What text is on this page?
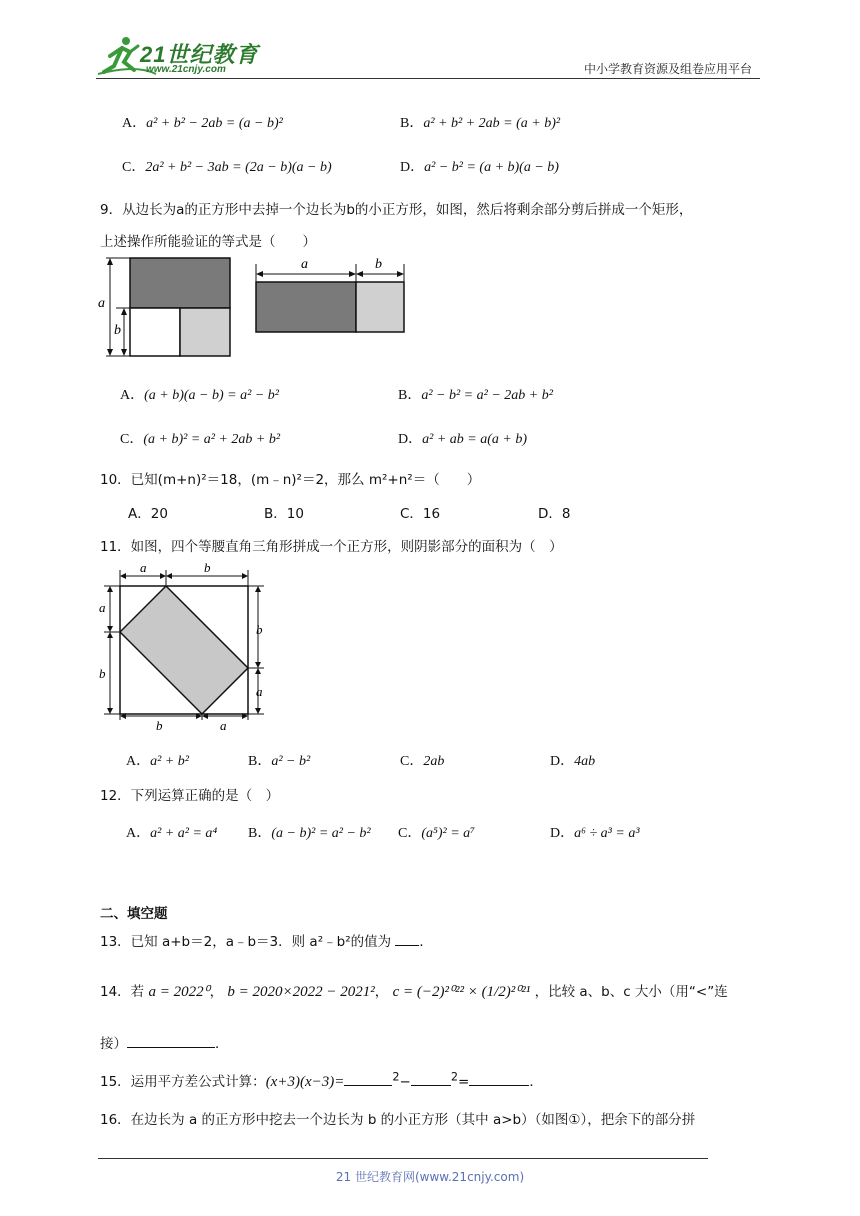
21世纪教育
www.21cnjy.com	中小学教育资源及组卷应用平台
A．a² + b² − 2ab = (a − b)²	B．a² + b² + 2ab = (a + b)²
C．2a² + b² − 3ab = (2a − b)(a − b)	D．a² − b² = (a + b)(a − b)
9．从边长为a的正方形中去掉一个边长为b的小正方形，如图，然后将剩余部分剪后拼成一个矩形，
上述操作所能验证的等式是（　　）
a
b
a	b
A．(a + b)(a − b) = a² − b²	B．a² − b² = a² − 2ab + b²
C．(a + b)² = a² + 2ab + b²	D．a² + ab = a(a + b)
10．已知(m+n)²＝18，(m﹣n)²＝2，那么 m²+n²＝（　　）
A．20	B．10	C．16	D．8
11．如图，四个等腰直角三角形拼成一个正方形，则阴影部分的面积为（　）
a	b
a
b
b
a
b	a
A．a² + b²	B．a² − b²	C．2ab	D．4ab
12．下列运算正确的是（　）
A．a² + a² = a⁴ B．(a − b)² = a² − b² C．(a⁵)² = a⁷	D．a⁶ ÷ a³ = a³
二、填空题
13．已知 a+b＝2，a﹣b＝3．则 a²﹣b²的值为 ．
14．若 a = 2022⁰， b = 2020×2022 − 2021²， c = (−2)²⁰²² × (1/2)²⁰²¹ ，比较 a、b、c 大小（用“<”连
接）	．
15．运用平方差公式计算：(x+3)(x−3)=	$^2$−	$^2$=	．
16．在边长为 a 的正方形中挖去一个边长为 b 的小正方形（其中 a>b）（如图①），把余下的部分拼
21 世纪教育网(www.21cnjy.com)
